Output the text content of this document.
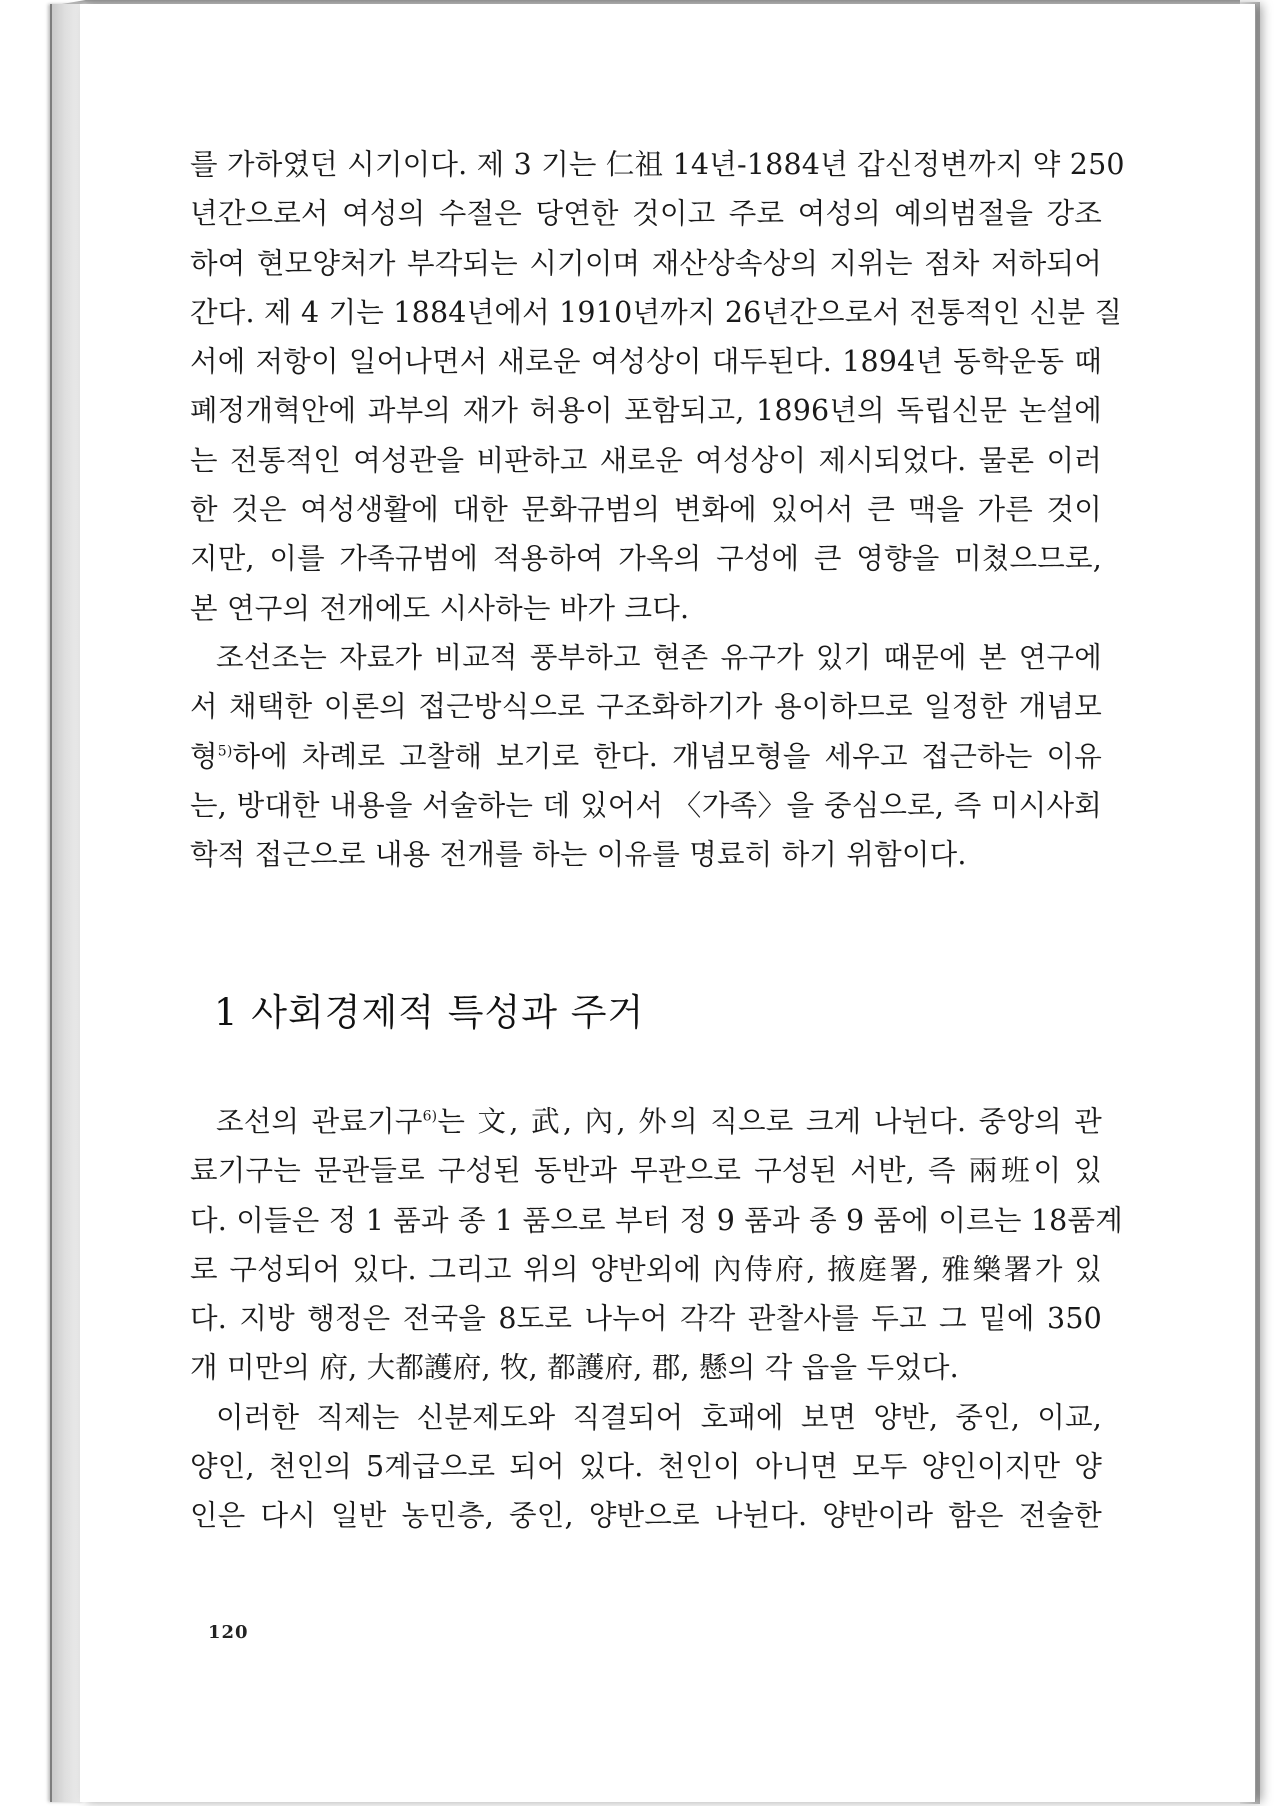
를 가하였던 시기이다. 제 3 기는 仁祖 14년-1884년 갑신정변까지 약 250
년간으로서 여성의 수절은 당연한 것이고 주로 여성의 예의범절을 강조
하여 현모양처가 부각되는 시기이며 재산상속상의 지위는 점차 저하되어
간다. 제 4 기는 1884년에서 1910년까지 26년간으로서 전통적인 신분 질
서에 저항이 일어나면서 새로운 여성상이 대두된다. 1894년 동학운동 때
폐정개혁안에 과부의 재가 허용이 포함되고, 1896년의 독립신문 논설에
는 전통적인 여성관을 비판하고 새로운 여성상이 제시되었다. 물론 이러
한 것은 여성생활에 대한 문화규범의 변화에 있어서 큰 맥을 가른 것이
지만, 이를 가족규범에 적용하여 가옥의 구성에 큰 영향을 미쳤으므로,
본 연구의 전개에도 시사하는 바가 크다.
조선조는 자료가 비교적 풍부하고 현존 유구가 있기 때문에 본 연구에
서 채택한 이론의 접근방식으로 구조화하기가 용이하므로 일정한 개념모
형$^{5)}$하에 차례로 고찰해 보기로 한다. 개념모형을 세우고 접근하는 이유
는, 방대한 내용을 서술하는 데 있어서 〈가족〉을 중심으로, 즉 미시사회
학적 접근으로 내용 전개를 하는 이유를 명료히 하기 위함이다.
1 사회경제적 특성과 주거
조선의 관료기구$^{6)}$는 文, 武, 內, 外의 직으로 크게 나뉜다. 중앙의 관
료기구는 문관들로 구성된 동반과 무관으로 구성된 서반, 즉 兩班이 있
다. 이들은 정 1 품과 종 1 품으로 부터 정 9 품과 종 9 품에 이르는 18품계
로 구성되어 있다. 그리고 위의 양반외에 內侍府, 掖庭署, 雅樂署가 있
다. 지방 행정은 전국을 8도로 나누어 각각 관찰사를 두고 그 밑에 350
개 미만의 府, 大都護府, 牧, 都護府, 郡, 懸의 각 읍을 두었다.
이러한 직제는 신분제도와 직결되어 호패에 보면 양반, 중인, 이교,
양인, 천인의 5계급으로 되어 있다. 천인이 아니면 모두 양인이지만 양
인은 다시 일반 농민층, 중인, 양반으로 나뉜다. 양반이라 함은 전술한
120
